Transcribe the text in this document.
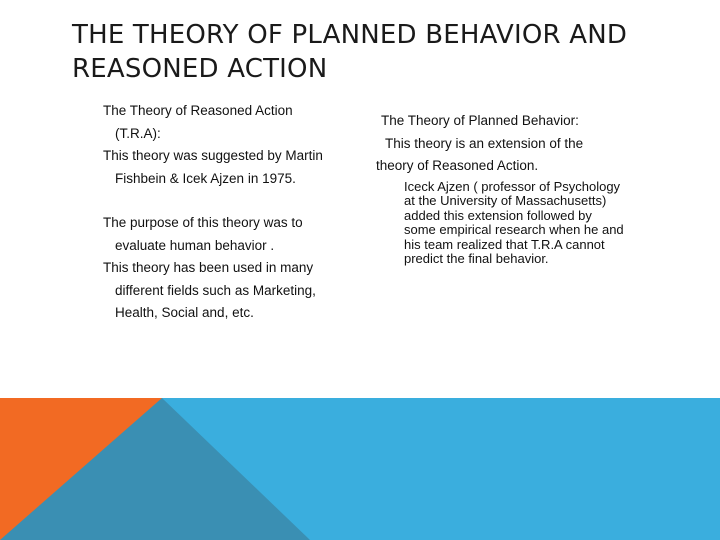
THE THEORY OF PLANNED BEHAVIOR AND REASONED ACTION

The Theory of Reasoned Action

(T.R.A):

This theory was suggested by Martin

Fishbein & Icek Ajzen in 1975.

The purpose of this theory was to

evaluate human behavior .

This theory has been used in many

different fields such as Marketing,

Health, Social and, etc.

The Theory of Planned Behavior:

This theory is an extension of the

theory of Reasoned Action.

Iceck Ajzen ( professor of Psychology at the University of Massachusetts) added this extension followed by some empirical research when he and his team realized that T.R.A cannot predict the final behavior.
